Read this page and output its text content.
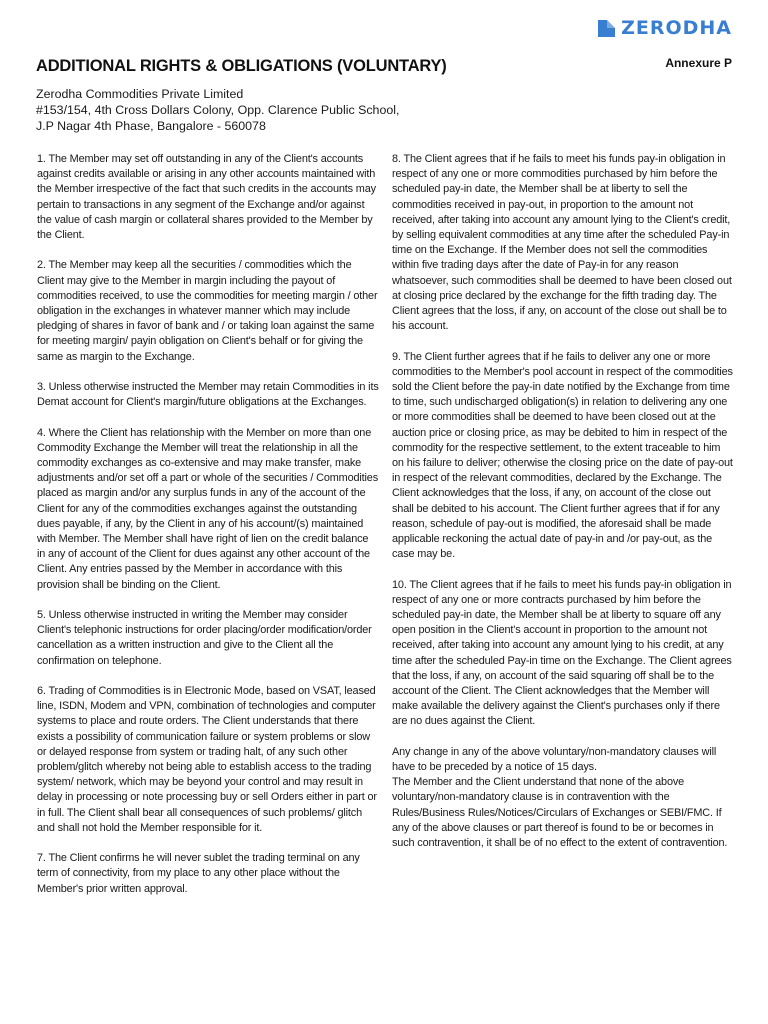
ZERODHA
ADDITIONAL RIGHTS & OBLIGATIONS (VOLUNTARY)	Annexure P
Zerodha Commodities Private Limited
#153/154, 4th Cross Dollars Colony, Opp. Clarence Public School,
J.P Nagar 4th Phase, Bangalore - 560078

1. The Member may set off outstanding in any of the Client's accounts against credits available or arising in any other accounts maintained with the Member irrespective of the fact that such credits in the accounts may pertain to transactions in any segment of the Exchange and/or against the value of cash margin or collateral shares provided to the Member by the Client.

2. The Member may keep all the securities / commodities which the Client may give to the Member in margin including the payout of commodities received, to use the commodities for meeting margin / other obligation in the exchanges in whatever manner which may include pledging of shares in favor of bank and / or taking loan against the same for meeting margin/ payin obligation on Client's behalf or for giving the same as margin to the Exchange.

3. Unless otherwise instructed the Member may retain Commodities in its Demat account for Client's margin/future obligations at the Exchanges.

4. Where the Client has relationship with the Member on more than one Commodity Exchange the Member will treat the relationship in all the commodity exchanges as co-extensive and may make transfer, make adjustments and/or set off a part or whole of the securities / Commodities placed as margin and/or any surplus funds in any of the account of the Client for any of the commodities exchanges against the outstanding dues payable, if any, by the Client in any of his account/(s) maintained with Member. The Member shall have right of lien on the credit balance in any of account of the Client for dues against any other account of the Client. Any entries passed by the Member in accordance with this provision shall be binding on the Client.

5. Unless otherwise instructed in writing the Member may consider Client's telephonic instructions for order placing/order modification/order cancellation as a written instruction and give to the Client all the confirmation on telephone.

6. Trading of Commodities is in Electronic Mode, based on VSAT, leased line, ISDN, Modem and VPN, combination of technologies and computer systems to place and route orders. The Client understands that there exists a possibility of communication failure or system problems or slow or delayed response from system or trading halt, of any such other problem/glitch whereby not being able to establish access to the trading system/ network, which may be beyond your control and may result in delay in processing or note processing buy or sell Orders either in part or in full. The Client shall bear all consequences of such problems/ glitch and shall not hold the Member responsible for it.

7. The Client confirms he will never sublet the trading terminal on any term of connectivity, from my place to any other place without the Member's prior written approval.

8. The Client agrees that if he fails to meet his funds pay-in obligation in respect of any one or more commodities purchased by him before the scheduled pay-in date, the Member shall be at liberty to sell the commodities received in pay-out, in proportion to the amount not received, after taking into account any amount lying to the Client's credit, by selling equivalent commodities at any time after the scheduled Pay-in time on the Exchange. If the Member does not sell the commodities within five trading days after the date of Pay-in for any reason whatsoever, such commodities shall be deemed to have been closed out at closing price declared by the exchange for the fifth trading day. The Client agrees that the loss, if any, on account of the close out shall be to his account.

9. The Client further agrees that if he fails to deliver any one or more commodities to the Member's pool account in respect of the commodities sold the Client before the pay-in date notified by the Exchange from time to time, such undischarged obligation(s) in relation to delivering any one or more commodities shall be deemed to have been closed out at the auction price or closing price, as may be debited to him in respect of the commodity for the respective settlement, to the extent traceable to him on his failure to deliver; otherwise the closing price on the date of pay-out in respect of the relevant commodities, declared by the Exchange. The Client acknowledges that the loss, if any, on account of the close out shall be debited to his account. The Client further agrees that if for any reason, schedule of pay-out is modified, the aforesaid shall be made applicable reckoning the actual date of pay-in and /or pay-out, as the case may be.

10. The Client agrees that if he fails to meet his funds pay-in obligation in respect of any one or more contracts purchased by him before the scheduled pay-in date, the Member shall be at liberty to square off any open position in the Client's account in proportion to the amount not received, after taking into account any amount lying to his credit, at any time after the scheduled Pay-in time on the Exchange. The Client agrees that the loss, if any, on account of the said squaring off shall be to the account of the Client. The Client acknowledges that the Member will make available the delivery against the Client's purchases only if there are no dues against the Client.

Any change in any of the above voluntary/non-mandatory clauses will have to be preceded by a notice of 15 days.

The Member and the Client understand that none of the above voluntary/non-mandatory clause is in contravention with the Rules/Business Rules/Notices/Circulars of Exchanges or SEBI/FMC. If any of the above clauses or part thereof is found to be or becomes in such contravention, it shall be of no effect to the extent of contravention.
